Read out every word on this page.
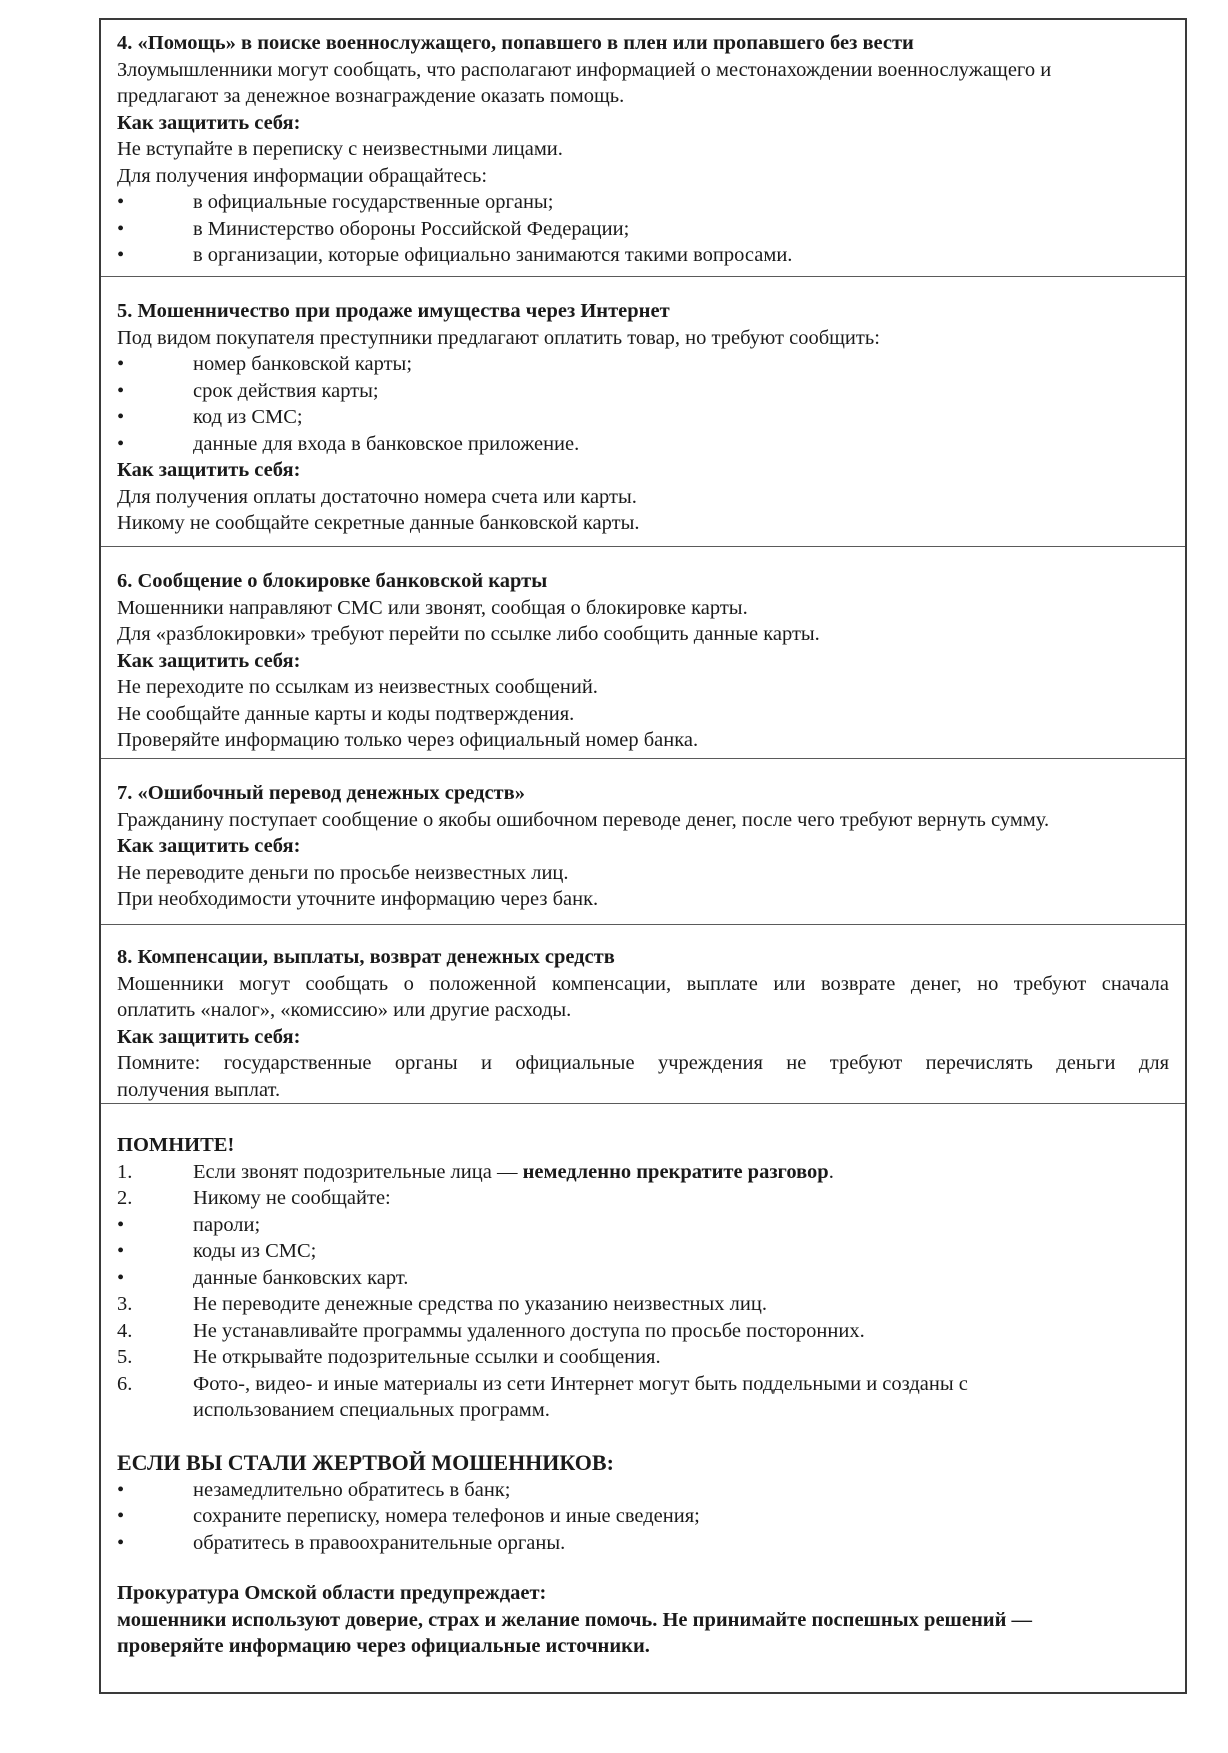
4. «Помощь» в поиске военнослужащего, попавшего в плен или пропавшего без вести
Злоумышленники могут сообщать, что располагают информацией о местонахождении военнослужащего и
предлагают за денежное вознаграждение оказать помощь.
Как защитить себя:
Не вступайте в переписку с неизвестными лицами.
Для получения информации обращайтесь:
•	в официальные государственные органы;
•	в Министерство обороны Российской Федерации;
•	в организации, которые официально занимаются такими вопросами.
5. Мошенничество при продаже имущества через Интернет
Под видом покупателя преступники предлагают оплатить товар, но требуют сообщить:
•	номер банковской карты;
•	срок действия карты;
•	код из СМС;
•	данные для входа в банковское приложение.
Как защитить себя:
Для получения оплаты достаточно номера счета или карты.
Никому не сообщайте секретные данные банковской карты.
6. Сообщение о блокировке банковской карты
Мошенники направляют СМС или звонят, сообщая о блокировке карты.
Для «разблокировки» требуют перейти по ссылке либо сообщить данные карты.
Как защитить себя:
Не переходите по ссылкам из неизвестных сообщений.
Не сообщайте данные карты и коды подтверждения.
Проверяйте информацию только через официальный номер банка.
7. «Ошибочный перевод денежных средств»
Гражданину поступает сообщение о якобы ошибочном переводе денег, после чего требуют вернуть сумму.
Как защитить себя:
Не переводите деньги по просьбе неизвестных лиц.
При необходимости уточните информацию через банк.
8. Компенсации, выплаты, возврат денежных средств
Мошенники могут сообщать о положенной компенсации, выплате или возврате денег, но требуют сначала
оплатить «налог», «комиссию» или другие расходы.
Как защитить себя:
Помните: государственные органы и официальные учреждения не требуют перечислять деньги для
получения выплат.
ПОМНИТЕ!
1.	Если звонят подозрительные лица — немедленно прекратите разговор.
2.	Никому не сообщайте:
•	пароли;
•	коды из СМС;
•	данные банковских карт.
3.	Не переводите денежные средства по указанию неизвестных лиц.
4.	Не устанавливайте программы удаленного доступа по просьбе посторонних.
5.	Не открывайте подозрительные ссылки и сообщения.
6.	Фото-, видео- и иные материалы из сети Интернет могут быть поддельными и созданы с
использованием специальных программ.
ЕСЛИ ВЫ СТАЛИ ЖЕРТВОЙ МОШЕННИКОВ:
•	незамедлительно обратитесь в банк;
•	сохраните переписку, номера телефонов и иные сведения;
•	обратитесь в правоохранительные органы.
Прокуратура Омской области предупреждает:
мошенники используют доверие, страх и желание помочь. Не принимайте поспешных решений —
проверяйте информацию через официальные источники.
